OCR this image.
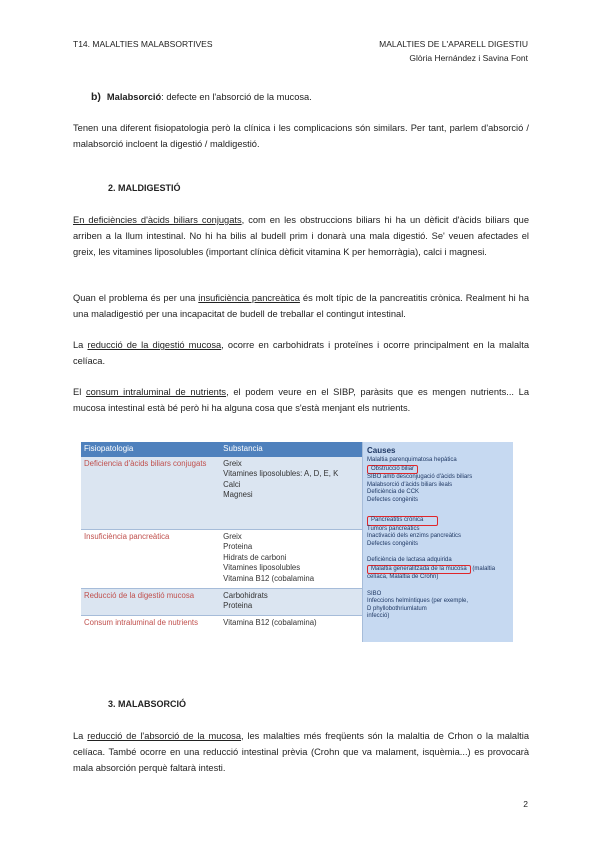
T14. MALALTIES MALABSORTIVES	MALALTIES DE L'APARELL DIGESTIU
Glòria Hernández i Savina Font
b) Malabsorció: defecte en l'absorció de la mucosa.
Tenen una diferent fisiopatologia però la clínica i les complicacions són similars. Per tant, parlem d'absorció / malabsorció incloent la digestió / maldigestió.
2. MALDIGESTIÓ
En deficiències d'àcids biliars conjugats, com en les obstruccions biliars hi ha un dèficit d'àcids biliars que arriben a la llum intestinal. No hi ha bilis al budell prim i donarà una mala digestió. Se' veuen afectades el greix, les vitamines liposolubles (important clínica dèficit vitamina K per hemorràgia), calci i magnesi.
Quan el problema és per una insuficiència pancreàtica és molt típic de la pancreatitis crònica. Realment hi ha una maladigestió per una incapacitat de budell de treballar el contingut intestinal.
La reducció de la digestió mucosa, ocorre en carbohidrats i proteïnes i ocorre principalment en la malalta celíaca.
El consum intraluminal de nutrients, el podem veure en el SIBP, paràsits que es mengen nutrients... La mucosa intestinal està bé però hi ha alguna cosa que s'està menjant els nutrients.
Fisiopatologia	Substancia
Deficiencia d'àcids biliars conjugats	Greix
Vitamines liposolubles: A, D, E, K
Calci
Magnesi

Insuficiència pancreàtica	Greix
Proteina
Hidrats de carboni
Vitamines liposolubles
Vitamina B12 (cobalamina

Reducció de la digestió mucosa	Carbohidrats
Proteina

Consum intraluminal de nutrients	Vitamina B12 (cobalamina)
Causes
Malaltia parenquimatosa hepàtica
Obstrucció biliar
SIBO amb desconjugació d'àcids biliars
Malabsorció d'àcids biliars ileals
Deficiència de CCK
Defectes congènits
Pancreatitis crònica
Tumors pancreàtics
Inactivació dels enzims pancreàtics
Defectes congènits
Deficiència de lactasa adquirida
Malaltia generalitzada de la mucosa (malaltia
celíaca, Malaltia de Crohn)
SIBO
Infeccions helmíntiques (per exemple,
D phyllobothriumlatum
infecció)
3. MALABSORCIÓ
La reducció de l'absorció de la mucosa, les malalties més freqüents són la malaltia de Crhon o la malaltia celíaca. També ocorre en una reducció intestinal prèvia (Crohn que va malament, isquèmia...) es provocarà mala absorción perquè faltarà intesti.
2
